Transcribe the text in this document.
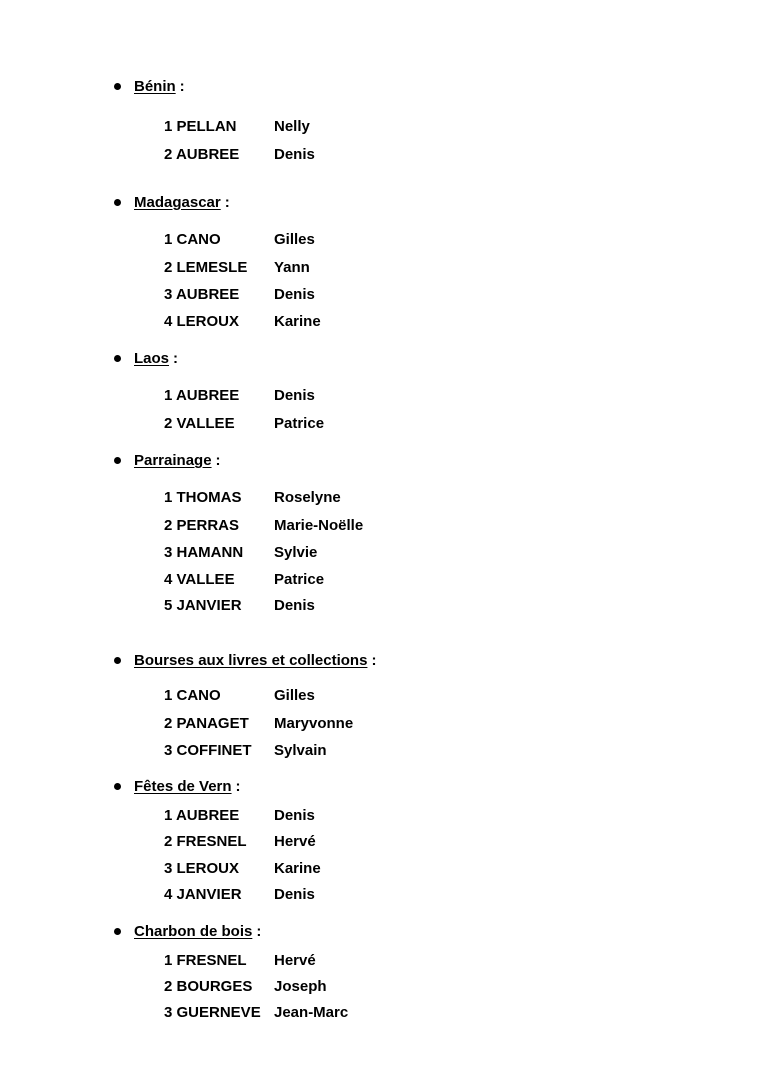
Bénin :
1 PELLAN Nelly
2 AUBREE Denis
Madagascar :
1 CANO	Gilles
2 LEMESLE Yann
3 AUBREE Denis
4 LEROUX Karine
Laos :
1 AUBREE Denis
2 VALLEE	Patrice
Parrainage :
1 THOMAS Roselyne
2 PERRAS Marie-Noëlle
3 HAMANN Sylvie
4 VALLEE	Patrice
5 JANVIER Denis
Bourses aux livres et collections :
1 CANO	Gilles
2 PANAGET Maryvonne
3 COFFINET Sylvain
Fêtes de Vern :
1 AUBREE Denis
2 FRESNEL Hervé
3 LEROUX Karine
4 JANVIER Denis
Charbon de bois :
1 FRESNEL Hervé
2 BOURGES Joseph
3 GUERNEVE Jean-Marc
